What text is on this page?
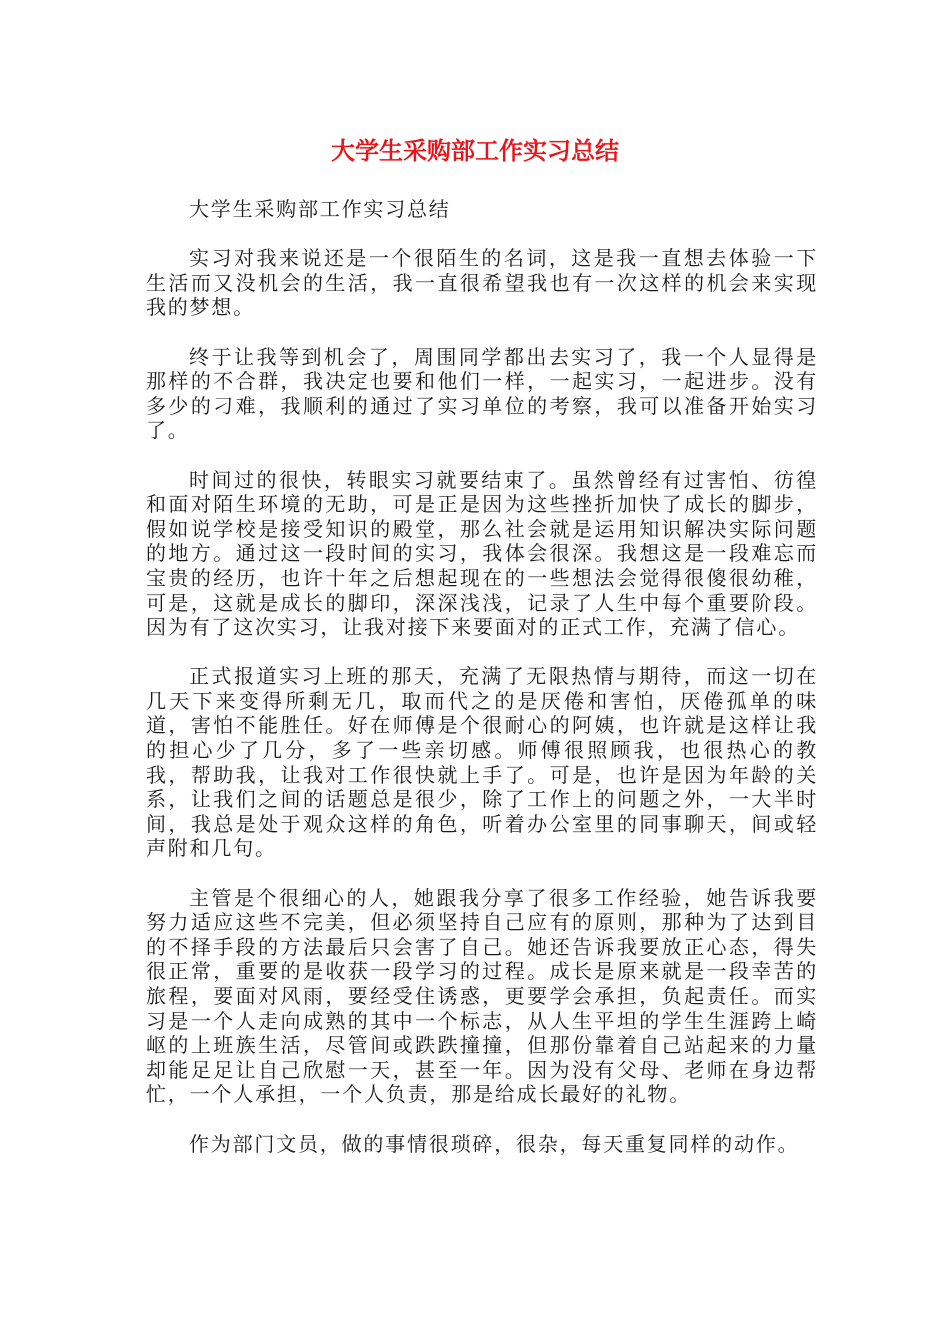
大学生采购部工作实习总结

大学生采购部工作实习总结

实习对我来说还是一个很陌生的名词，这是我一直想去体验一下生活而又没机会的生活，我一直很希望我也有一次这样的机会来实现我的梦想。

终于让我等到机会了，周围同学都出去实习了，我一个人显得是那样的不合群，我决定也要和他们一样，一起实习，一起进步。没有多少的刁难，我顺利的通过了实习单位的考察，我可以准备开始实习了。

时间过的很快，转眼实习就要结束了。虽然曾经有过害怕、彷徨和面对陌生环境的无助，可是正是因为这些挫折加快了成长的脚步，假如说学校是接受知识的殿堂，那么社会就是运用知识解决实际问题的地方。通过这一段时间的实习，我体会很深。我想这是一段难忘而宝贵的经历，也许十年之后想起现在的一些想法会觉得很傻很幼稚，可是，这就是成长的脚印，深深浅浅，记录了人生中每个重要阶段。因为有了这次实习，让我对接下来要面对的正式工作，充满了信心。

正式报道实习上班的那天，充满了无限热情与期待，而这一切在几天下来变得所剩无几，取而代之的是厌倦和害怕，厌倦孤单的味道，害怕不能胜任。好在师傅是个很耐心的阿姨，也许就是这样让我的担心少了几分，多了一些亲切感。师傅很照顾我，也很热心的教我，帮助我，让我对工作很快就上手了。可是，也许是因为年龄的关系，让我们之间的话题总是很少，除了工作上的问题之外，一大半时间，我总是处于观众这样的角色，听着办公室里的同事聊天，间或轻声附和几句。

主管是个很细心的人，她跟我分享了很多工作经验，她告诉我要努力适应这些不完美，但必须坚持自己应有的原则，那种为了达到目的不择手段的方法最后只会害了自己。她还告诉我要放正心态，得失很正常，重要的是收获一段学习的过程。成长是原来就是一段幸苦的旅程，要面对风雨，要经受住诱惑，更要学会承担，负起责任。而实习是一个人走向成熟的其中一个标志，从人生平坦的学生生涯跨上崎岖的上班族生活，尽管间或跌跌撞撞，但那份靠着自己站起来的力量却能足足让自己欣慰一天，甚至一年。因为没有父母、老师在身边帮忙，一个人承担，一个人负责，那是给成长最好的礼物。

作为部门文员，做的事情很琐碎，很杂，每天重复同样的动作。
